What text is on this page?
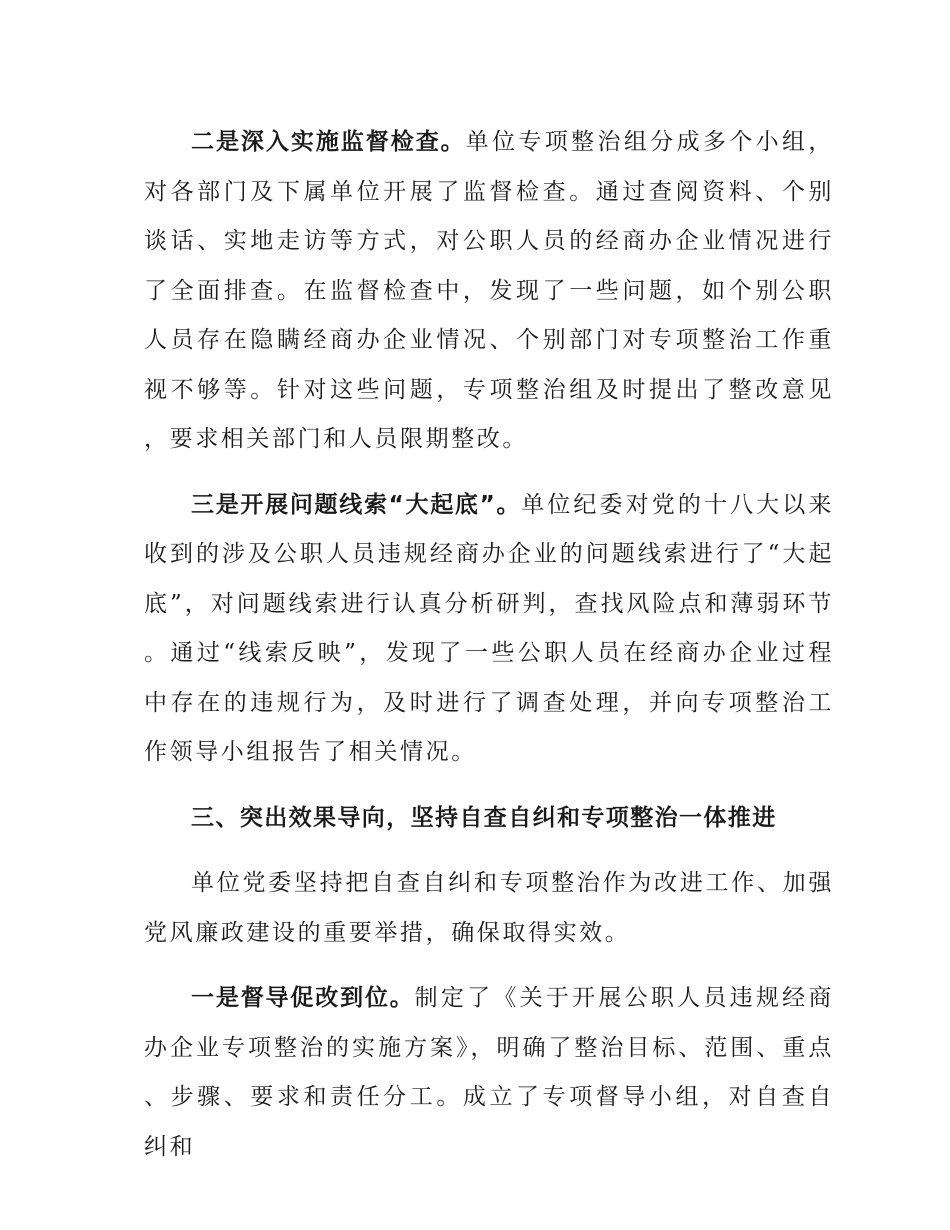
二是深入实施监督检查。单位专项整治组分成多个小组，对各部门及下属单位开展了监督检查。通过查阅资料、个别谈话、实地走访等方式，对公职人员的经商办企业情况进行了全面排查。在监督检查中，发现了一些问题，如个别公职人员存在隐瞒经商办企业情况、个别部门对专项整治工作重视不够等。针对这些问题，专项整治组及时提出了整改意见，要求相关部门和人员限期整改。

三是开展问题线索“大起底”。单位纪委对党的十八大以来收到的涉及公职人员违规经商办企业的问题线索进行了“大起底”，对问题线索进行认真分析研判，查找风险点和薄弱环节。通过“线索反映”，发现了一些公职人员在经商办企业过程中存在的违规行为，及时进行了调查处理，并向专项整治工作领导小组报告了相关情况。

三、突出效果导向，坚持自查自纠和专项整治一体推进

单位党委坚持把自查自纠和专项整治作为改进工作、加强党风廉政建设的重要举措，确保取得实效。

一是督导促改到位。制定了《关于开展公职人员违规经商办企业专项整治的实施方案》，明确了整治目标、范围、重点、步骤、要求和责任分工。成立了专项督导小组，对自查自纠和
